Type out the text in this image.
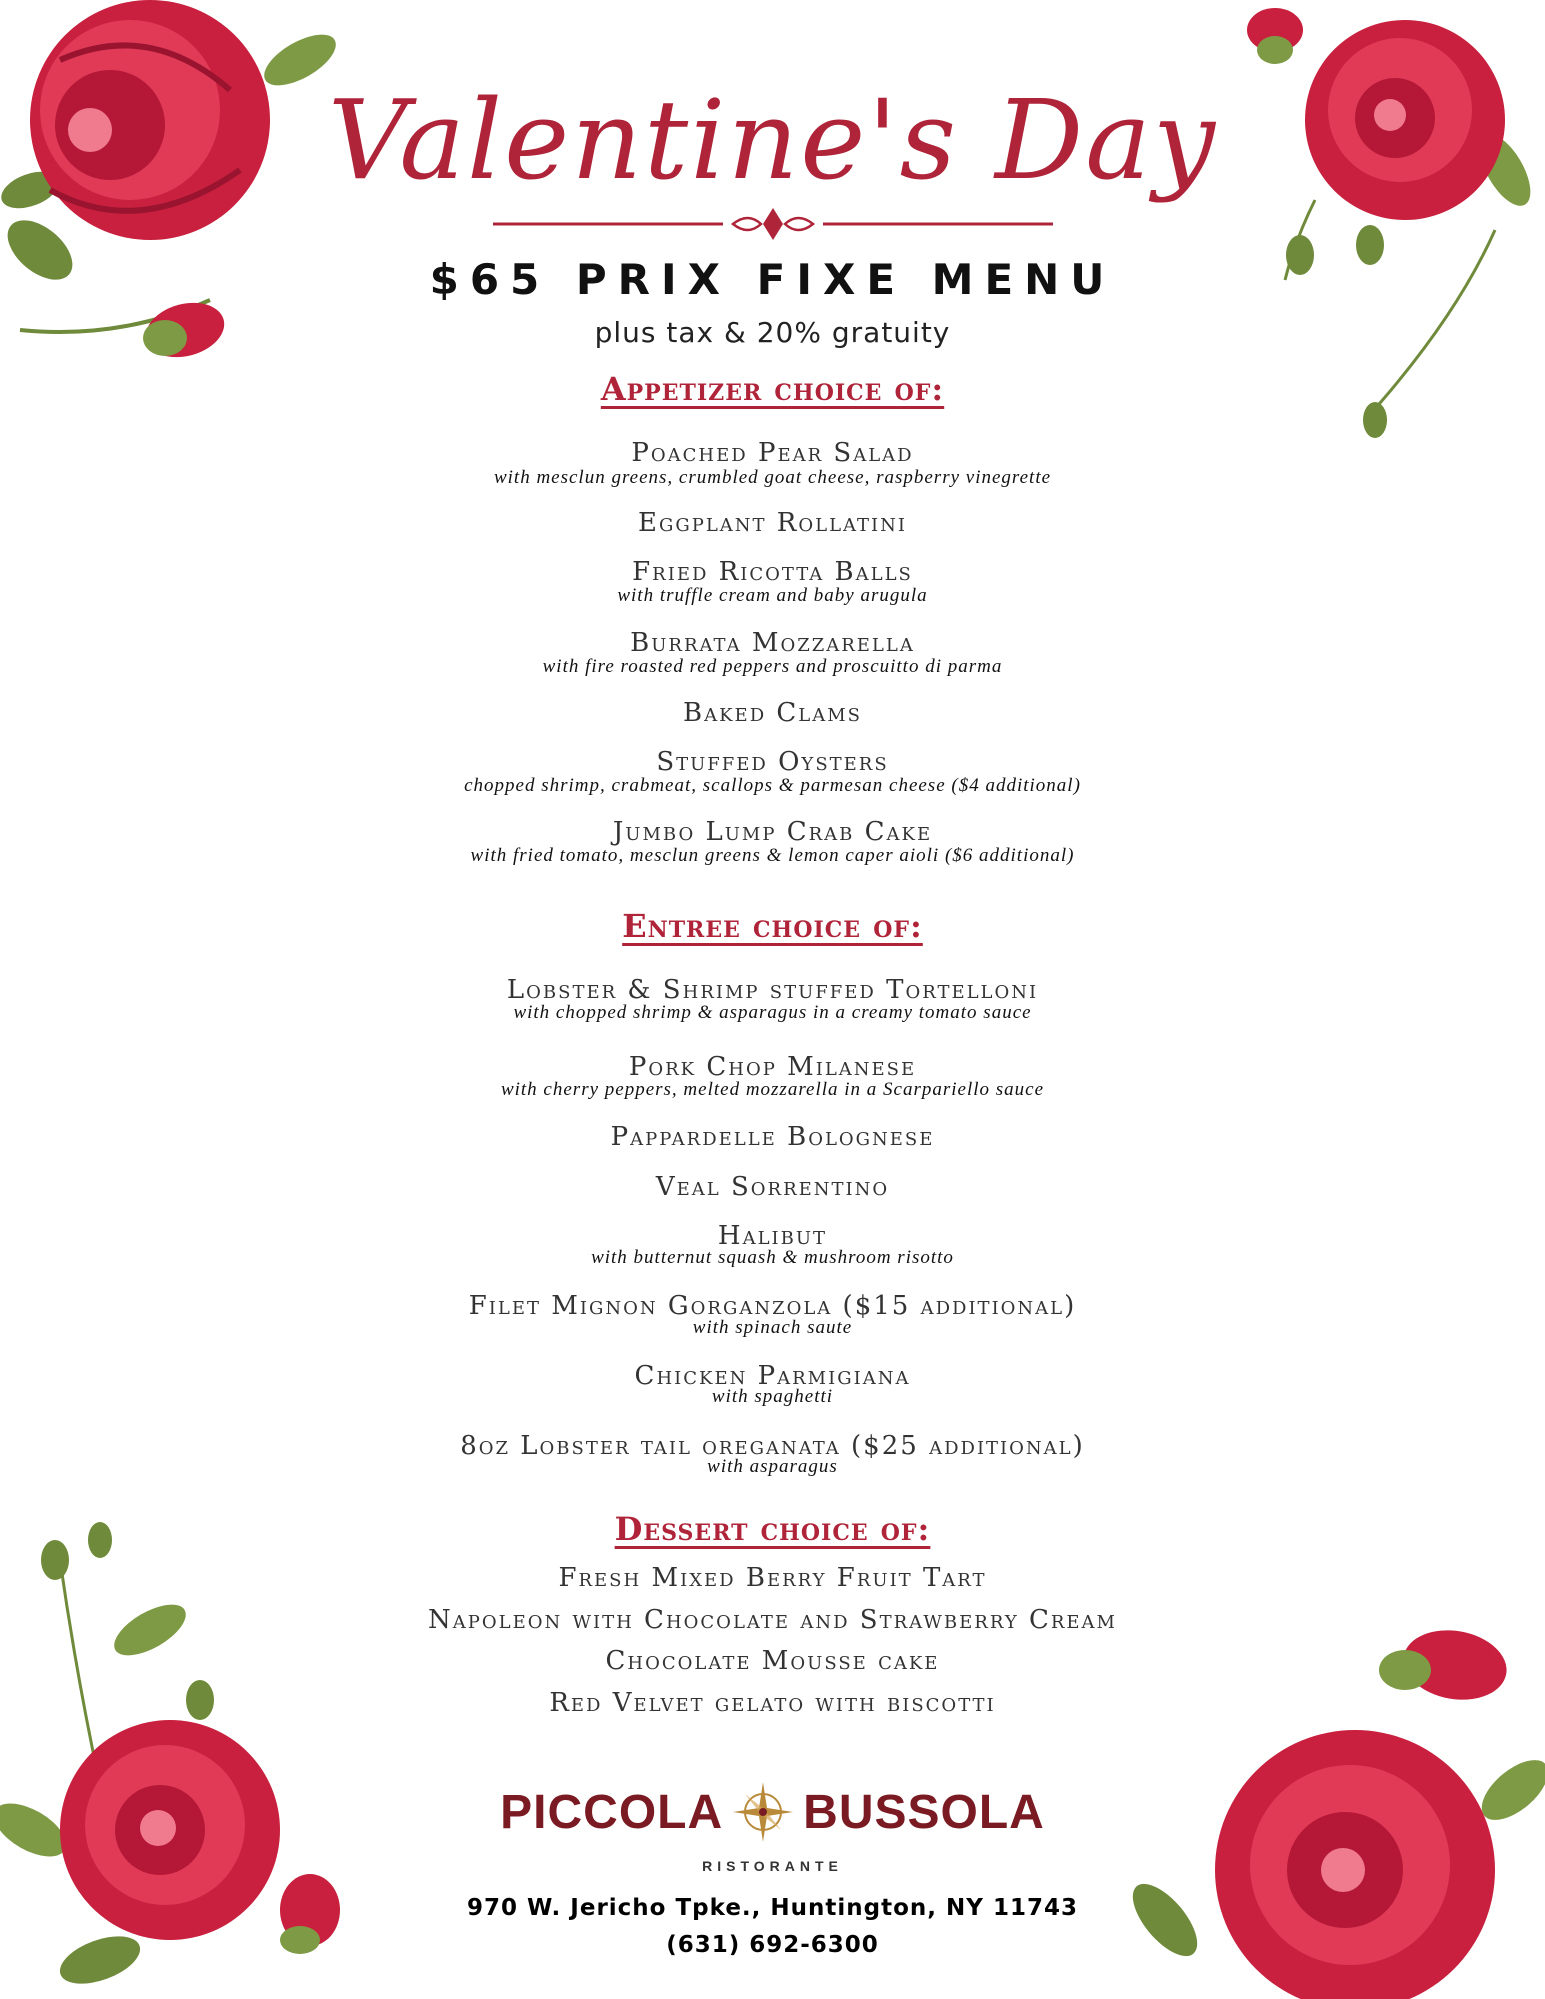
Valentine's Day
$65 PRIX FIXE MENU
plus tax & 20% gratuity
Appetizer choice of:
Poached Pear Salad
with mesclun greens, crumbled goat cheese, raspberry vinegrette
Eggplant Rollatini
Fried Ricotta Balls
with truffle cream and baby arugula
Burrata Mozzarella
with fire roasted red peppers and proscuitto di parma
Baked Clams
Stuffed Oysters
chopped shrimp, crabmeat, scallops & parmesan cheese ($4 additional)
Jumbo Lump Crab Cake
with fried tomato, mesclun greens & lemon caper aioli ($6 additional)
Entree choice of:
Lobster & Shrimp stuffed Tortelloni
with chopped shrimp & asparagus in a creamy tomato sauce
Pork Chop Milanese
with cherry peppers, melted mozzarella in a Scarpariello sauce
Pappardelle Bolognese
Veal Sorrentino
Halibut
with butternut squash & mushroom risotto
Filet Mignon Gorganzola ($15 additional)
with spinach saute
Chicken Parmigiana
with spaghetti
8oz Lobster tail oreganata ($25 additional)
with asparagus
Dessert choice of:
Fresh Mixed Berry Fruit Tart
Napoleon with Chocolate and Strawberry Cream
Chocolate Mousse cake
Red Velvet gelato with biscotti
PICCOLA BUSSOLA
RISTORANTE
970 W. Jericho Tpke., Huntington, NY 11743
(631) 692-6300
